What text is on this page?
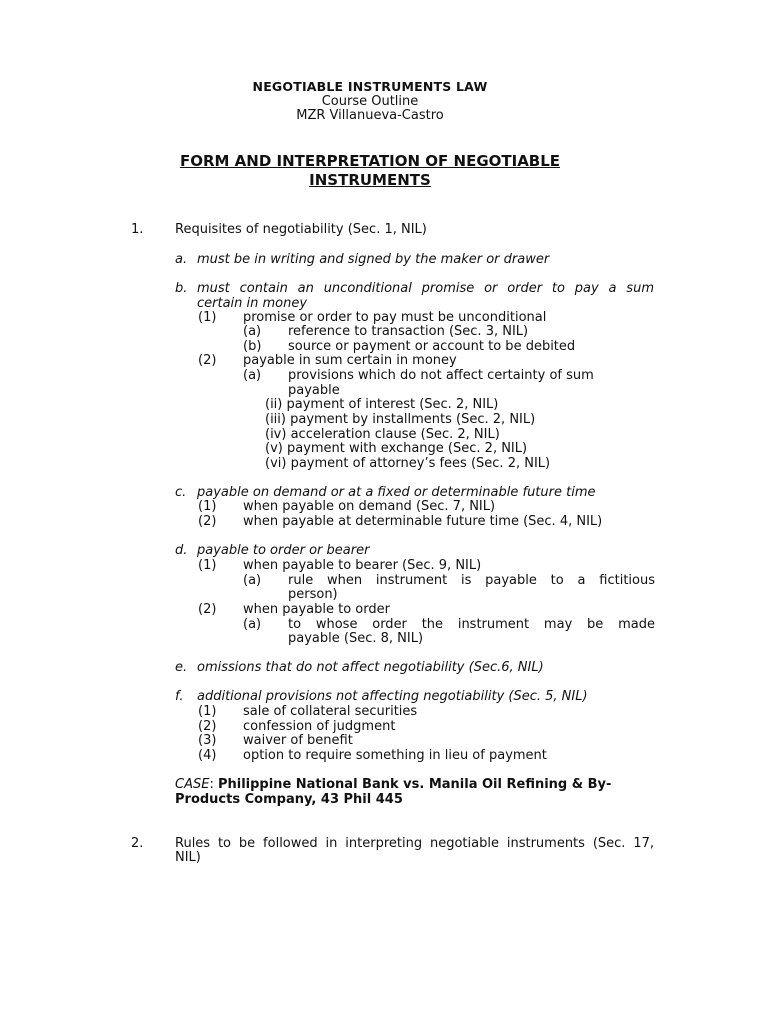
NEGOTIABLE INSTRUMENTS LAW
Course Outline
MZR Villanueva-Castro
FORM AND INTERPRETATION OF NEGOTIABLE
INSTRUMENTS
1. Requisites of negotiability (Sec. 1, NIL)
a. must be in writing and signed by the maker or drawer
b. must contain an unconditional promise or order to pay a sum
certain in money
(1) promise or order to pay must be unconditional
(a) reference to transaction (Sec. 3, NIL)
(b) source or payment or account to be debited
(2) payable in sum certain in money
(a) provisions which do not affect certainty of sum
payable
(ii) payment of interest (Sec. 2, NIL)
(iii) payment by installments (Sec. 2, NIL)
(iv) acceleration clause (Sec. 2, NIL)
(v) payment with exchange (Sec. 2, NIL)
(vi) payment of attorney’s fees (Sec. 2, NIL)
c. payable on demand or at a fixed or determinable future time
(1) when payable on demand (Sec. 7, NIL)
(2) when payable at determinable future time (Sec. 4, NIL)
d. payable to order or bearer
(1) when payable to bearer (Sec. 9, NIL)
(a) rule when instrument is payable to a fictitious
person)
(2) when payable to order
(a) to whose order the instrument may be made
payable (Sec. 8, NIL)
e. omissions that do not affect negotiability (Sec.6, NIL)
f. additional provisions not affecting negotiability (Sec. 5, NIL)
(1) sale of collateral securities
(2) confession of judgment
(3) waiver of benefit
(4) option to require something in lieu of payment
CASE: Philippine National Bank vs. Manila Oil Refining & By-
Products Company, 43 Phil 445
2. Rules to be followed in interpreting negotiable instruments (Sec. 17,
NIL)
